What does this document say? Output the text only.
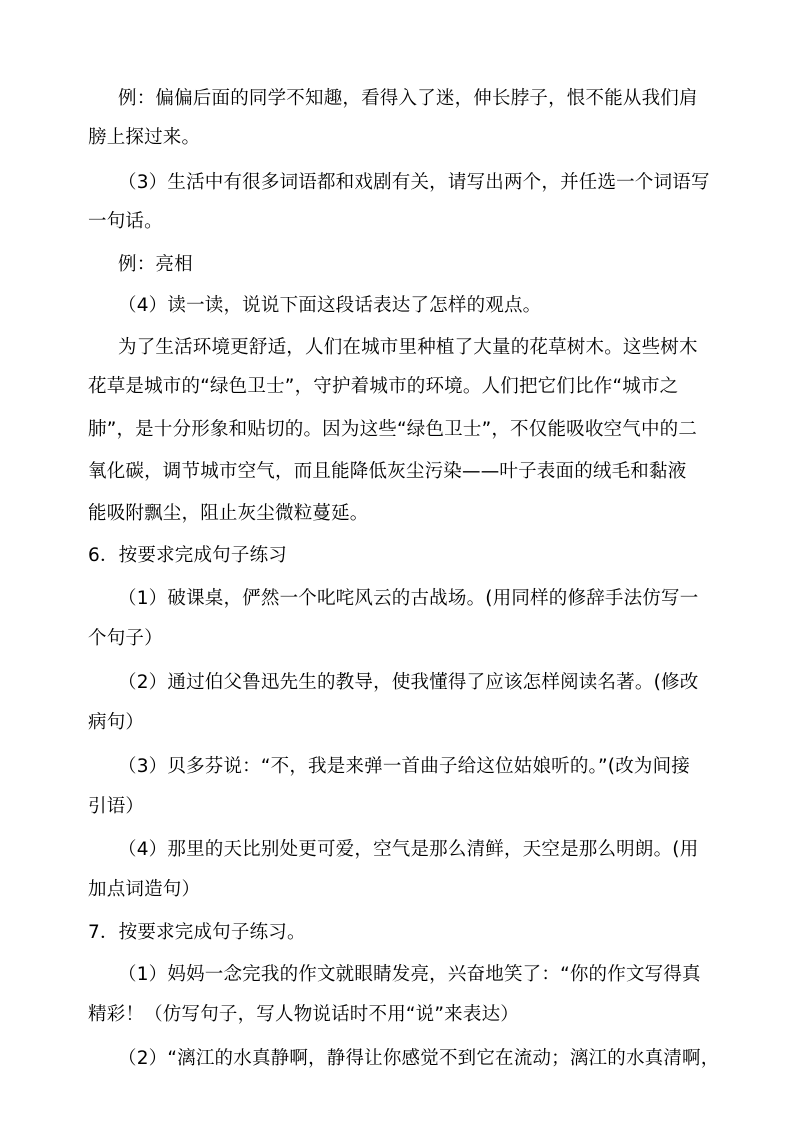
例：偏偏后面的同学不知趣，看得入了迷，伸长脖子，恨不能从我们肩
膀上探过来。
（3）生活中有很多词语都和戏剧有关，请写出两个，并任选一个词语写
一句话。
例：亮相
（4）读一读，说说下面这段话表达了怎样的观点。
为了生活环境更舒适，人们在城市里种植了大量的花草树木。这些树木
花草是城市的“绿色卫士”，守护着城市的环境。人们把它们比作“城市之
肺”，是十分形象和贴切的。因为这些“绿色卫士”，不仅能吸收空气中的二
氧化碳，调节城市空气，而且能降低灰尘污染——叶子表面的绒毛和黏液
能吸附飘尘，阻止灰尘微粒蔓延。
6．按要求完成句子练习
（1）破课桌，俨然一个叱咤风云的古战场。(用同样的修辞手法仿写一
个句子）
（2）通过伯父鲁迅先生的教导，使我懂得了应该怎样阅读名著。(修改
病句）
（3）贝多芬说：“不，我是来弹一首曲子给这位姑娘听的。”(改为间接
引语）
（4）那里的天比别处更可爱，空气是那么清鲜，天空是那么明朗。(用
加点词造句）
7．按要求完成句子练习。
（1）妈妈一念完我的作文就眼睛发亮，兴奋地笑了：“你的作文写得真
精彩！（仿写句子，写人物说话时不用“说”来表达）
（2）“漓江的水真静啊，静得让你感觉不到它在流动；漓江的水真清啊，
